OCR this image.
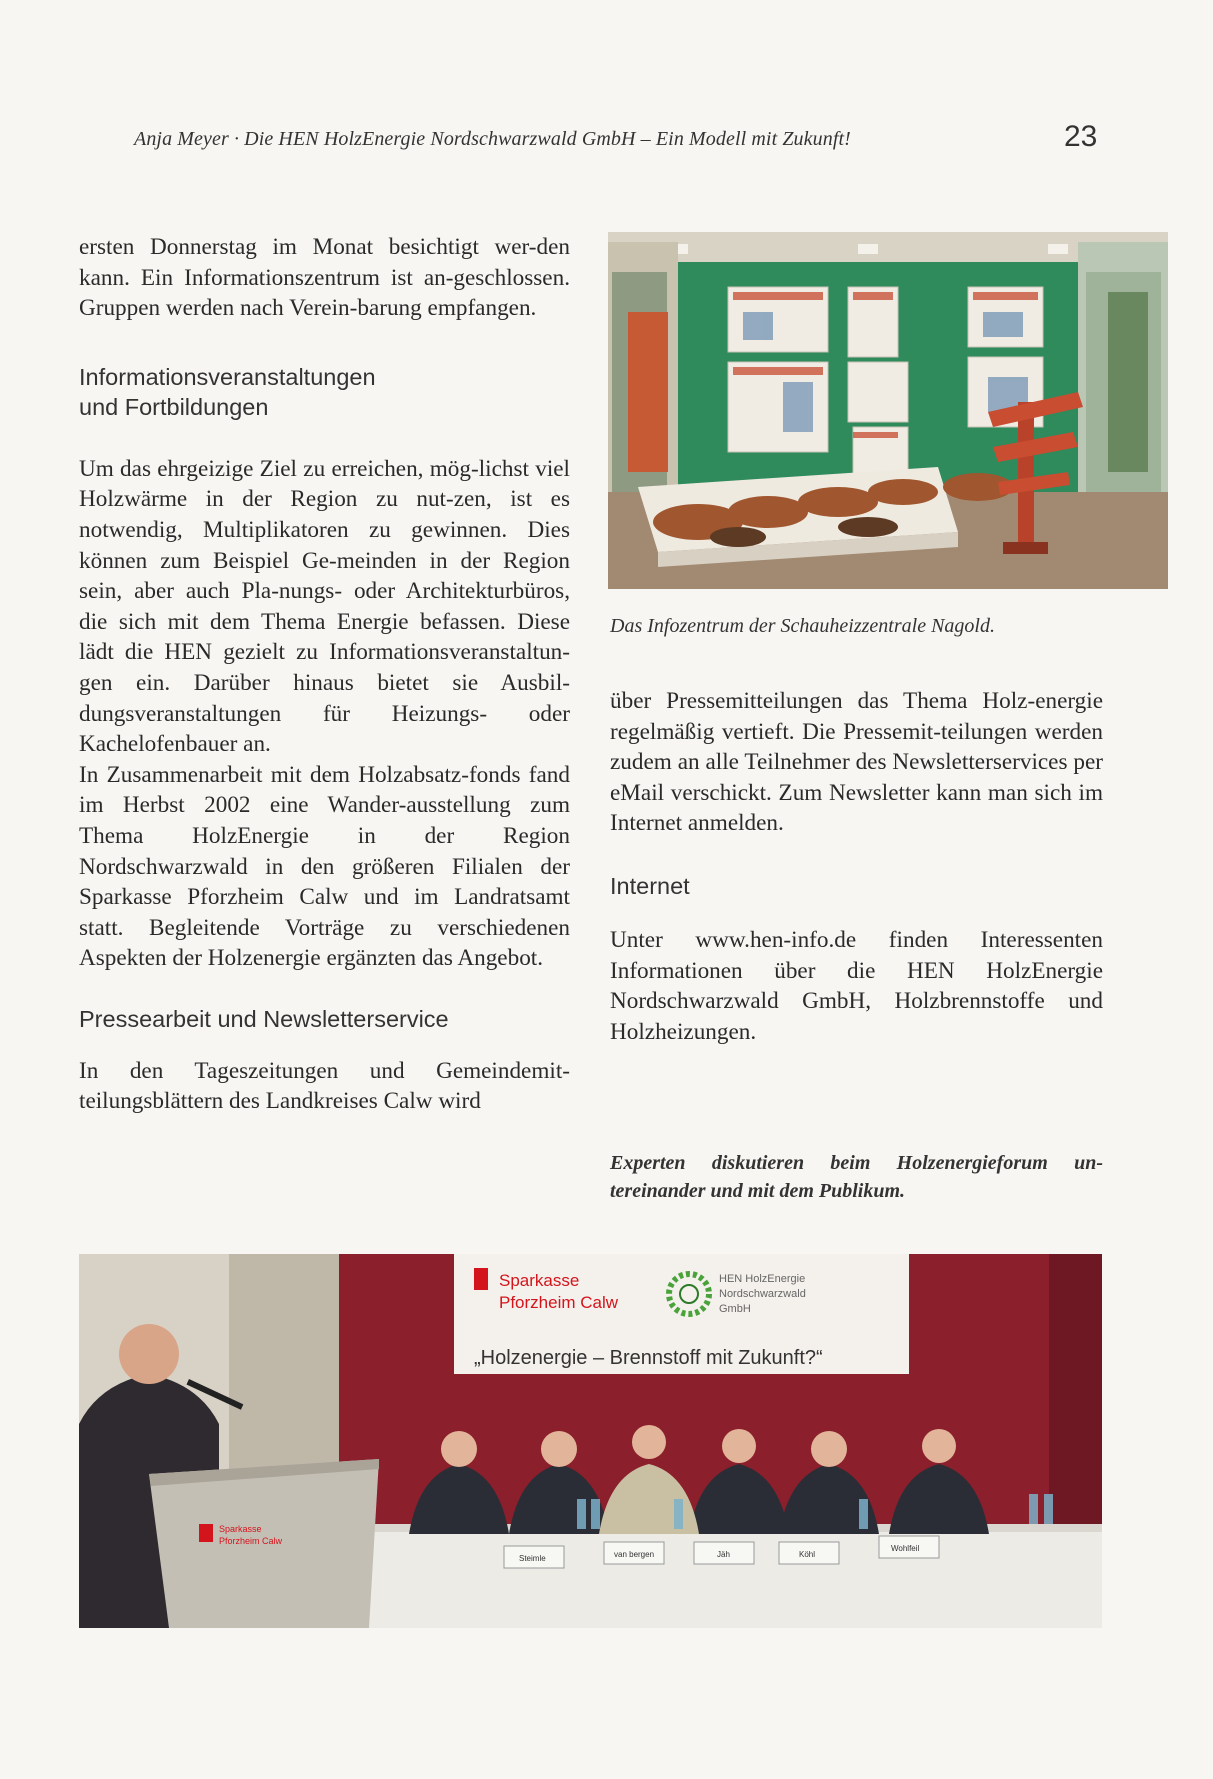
Anja Meyer · Die HEN HolzEnergie Nordschwarzwald GmbH – Ein Modell mit Zukunft!	23

ersten Donnerstag im Monat besichtigt wer-den kann. Ein Informationszentrum ist an-geschlossen. Gruppen werden nach Verein-barung empfangen.

Informationsveranstaltungen
und Fortbildungen

Um das ehrgeizige Ziel zu erreichen, mög-lichst viel Holzwärme in der Region zu nut-zen, ist es notwendig, Multiplikatoren zu gewinnen. Dies können zum Beispiel Ge-meinden in der Region sein, aber auch Pla-nungs- oder Architekturbüros, die sich mit dem Thema Energie befassen. Diese lädt die HEN gezielt zu Informationsveranstaltun-gen ein. Darüber hinaus bietet sie Ausbil-dungsveranstaltungen für Heizungs- oder Kachelofenbauer an.

In Zusammenarbeit mit dem Holzabsatz-fonds fand im Herbst 2002 eine Wander-ausstellung zum Thema HolzEnergie in der Region Nordschwarzwald in den größeren Filialen der Sparkasse Pforzheim Calw und im Landratsamt statt. Begleitende Vorträge zu verschiedenen Aspekten der Holzenergie ergänzten das Angebot.

Pressearbeit und Newsletterservice

In den Tageszeitungen und Gemeindemit-teilungsblättern des Landkreises Calw wird

Das Infozentrum der Schauheizzentrale Nagold.

über Pressemitteilungen das Thema Holz-energie regelmäßig vertieft. Die Pressemit-teilungen werden zudem an alle Teilnehmer des Newsletterservices per eMail verschickt. Zum Newsletter kann man sich im Internet anmelden.

Internet

Unter www.hen-info.de finden Interessenten Informationen über die HEN HolzEnergie Nordschwarzwald GmbH, Holzbrennstoffe und Holzheizungen.

Experten diskutieren beim Holzenergieforum un-tereinander und mit dem Publikum.
Sparkasse
Pforzheim Calw
HEN HolzEnergie
Nordschwarzwald
GmbH
„Holzenergie – Brennstoff mit Zukunft?“
Steimle	van bergen	Jäh	Köhl
Wohlfeil
Sparkasse
Pforzheim Calw
